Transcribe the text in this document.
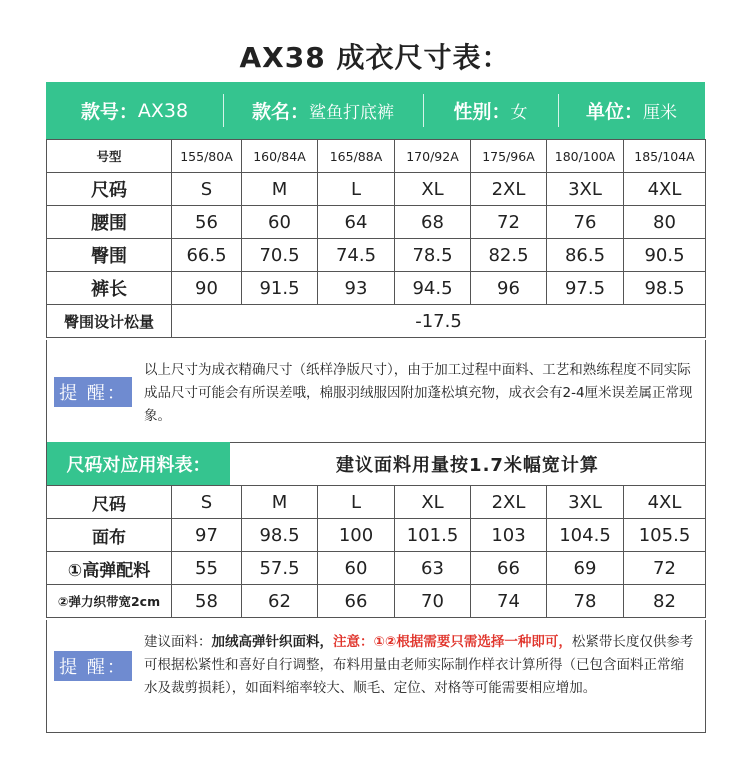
AX38 成衣尺寸表：
款号： AX38	款名： 鲨鱼打底裤	性别： 女	单位： 厘米
号型	155/80A	160/84A	165/88A	170/92A	175/96A	180/100A	185/104A
尺码	S	M	L	XL	2XL	3XL	4XL
腰围	56	60	64	68	72	76	80
臀围	66.5	70.5	74.5	78.5	82.5	86.5	90.5
裤长	90	91.5	93	94.5	96	97.5	98.5
臀围设计松量	-17.5						
提 醒：
以上尺寸为成衣精确尺寸（纸样净版尺寸），由于加工过程中面料、工艺和熟练程度不同实际成品尺寸可能会有所误差哦，棉服羽绒服因附加蓬松填充物，成衣会有2-4厘米误差属正常现象。
尺码对应用料表：	建议面料用量按1.7米幅宽计算
尺码	S	M	L	XL	2XL	3XL	4XL
面布	97	98.5	100	101.5	103	104.5	105.5
①高弹配料	55	57.5	60	63	66	69	72
②弹力织带宽2cm	58	62	66	70	74	78	82
提 醒：
建议面料：加绒高弹针织面料，注意：①②根据需要只需选择一种即可，松紧带长度仅供参考可根据松紧性和喜好自行调整，布料用量由老师实际制作样衣计算所得（已包含面料正常缩水及裁剪损耗），如面料缩率较大、顺毛、定位、对格等可能需要相应增加。
